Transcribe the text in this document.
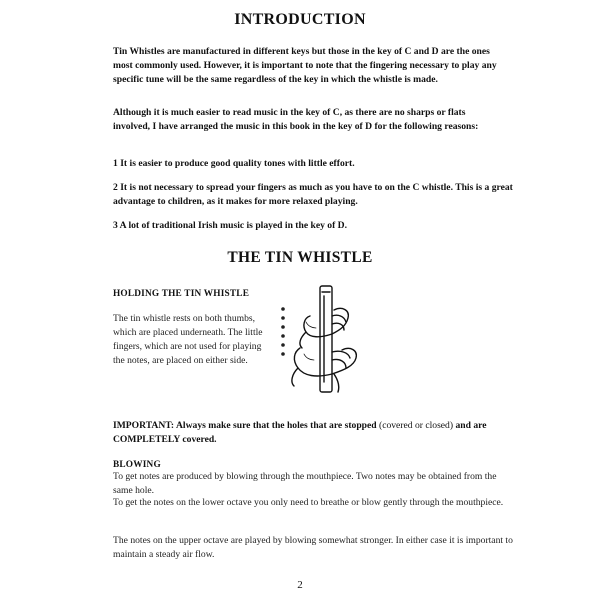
INTRODUCTION

Tin Whistles are manufactured in different keys but those in the key of C and D are the ones most commonly used. However, it is important to note that the fingering necessary to play any specific tune will be the same regardless of the key in which the whistle is made.

Although it is much easier to read music in the key of C, as there are no sharps or flats involved, I have arranged the music in this book in the key of D for the following reasons:

1 It is easier to produce good quality tones with little effort.

2 It is not necessary to spread your fingers as much as you have to on the C whistle. This is a great advantage to children, as it makes for more relaxed playing.

3 A lot of traditional Irish music is played in the key of D.

THE TIN WHISTLE
HOLDING THE TIN WHISTLE

The tin whistle rests on both thumbs, which are placed underneath. The little fingers, which are not used for playing the notes, are placed on either side.

IMPORTANT: Always make sure that the holes that are stopped (covered or closed) and are COMPLETELY covered.

BLOWING

To get notes are produced by blowing through the mouthpiece. Two notes may be obtained from the same hole.

To get the notes on the lower octave you only need to breathe or blow gently through the mouthpiece.

The notes on the upper octave are played by blowing somewhat stronger. In either case it is important to maintain a steady air flow.

2
